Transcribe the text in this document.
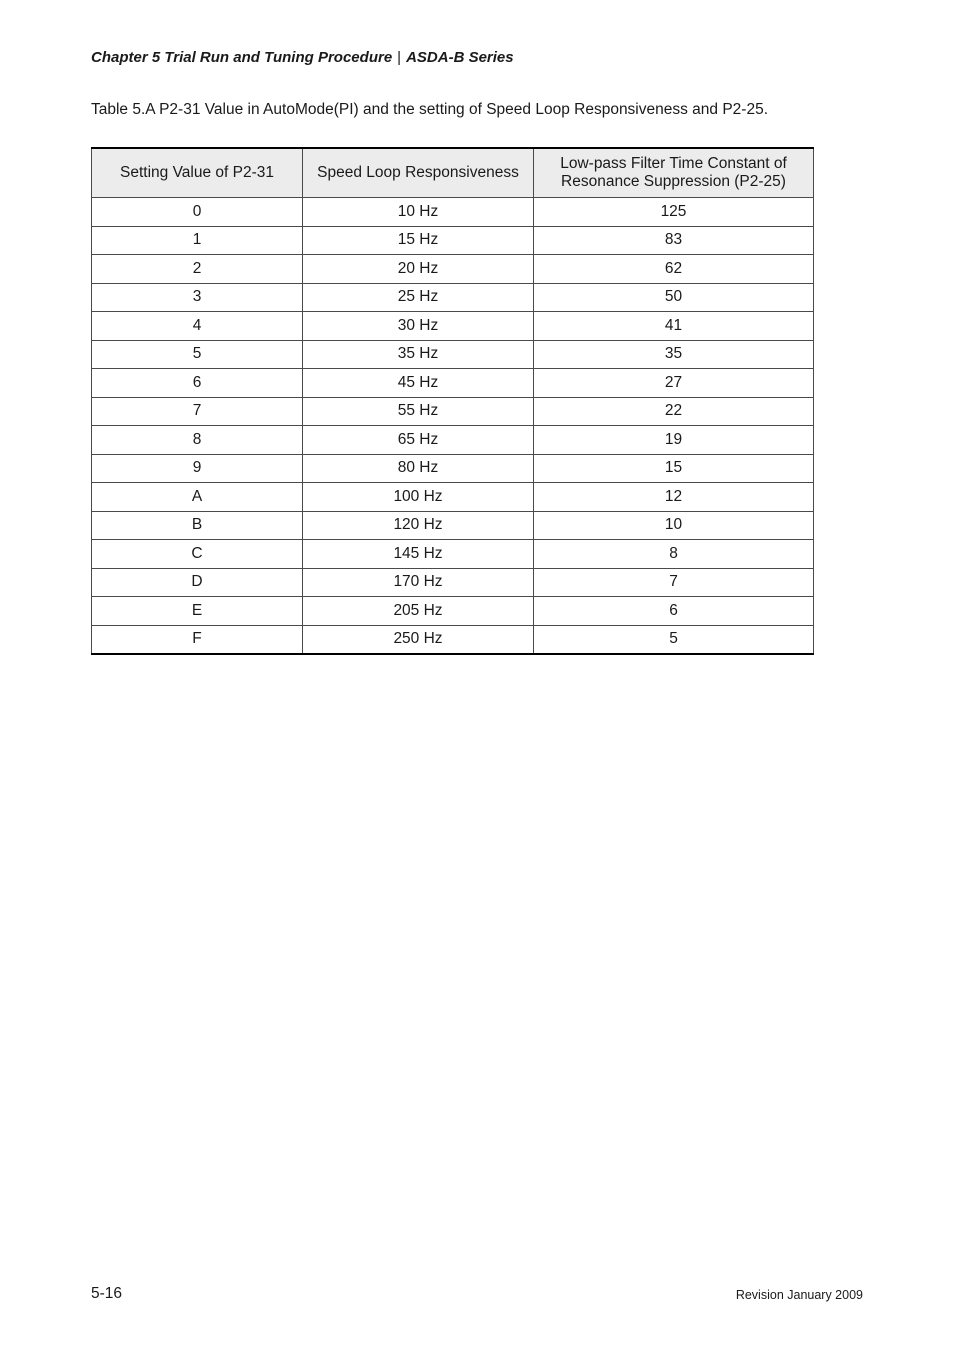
Chapter 5 Trial Run and Tuning Procedure | ASDA-B Series
Table 5.A P2-31 Value in AutoMode(PI) and the setting of Speed Loop Responsiveness and P2-25.
Setting Value of P2-31	Speed Loop Responsiveness	Low-pass Filter Time Constant of
Resonance Suppression (P2-25)
0	10 Hz	125
1	15 Hz	83
2	20 Hz	62
3	25 Hz	50
4	30 Hz	41
5	35 Hz	35
6	45 Hz	27
7	55 Hz	22
8	65 Hz	19
9	80 Hz	15
A	100 Hz	12
B	120 Hz	10
C	145 Hz	8
D	170 Hz	7
E	205 Hz	6
F	250 Hz	5
5-16	Revision January 2009
